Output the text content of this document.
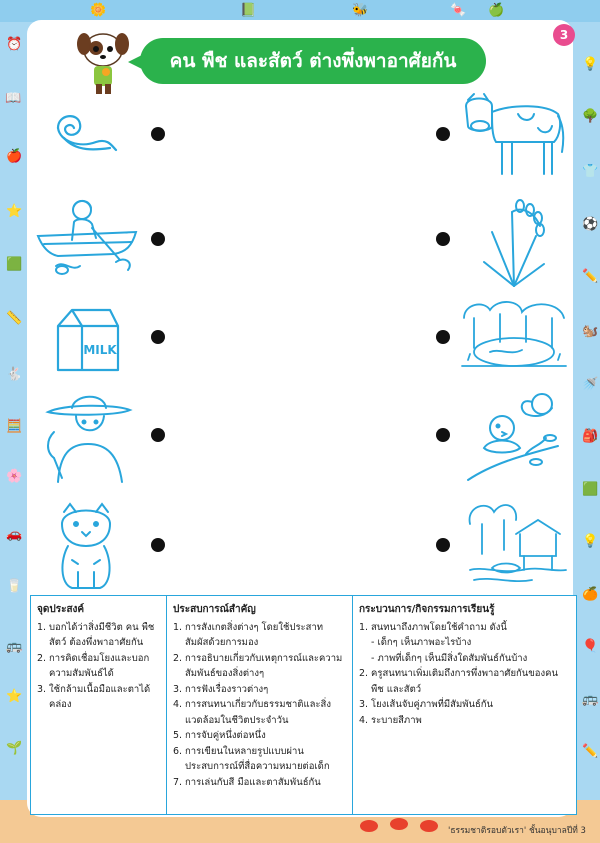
⏰
📖
🍎
⭐
🟩
📏
🐇
🧮
🌸
🚗
🥛
🚌
⭐
🌱
💡
🌳
👕
⚽
✏️
🐿️
🚿
🎒
🟩
💡
🍊
🎈
🚌
✏️
🌼	📗	🐝	🍬 🍏
3
คน พืช และสัตว์ ต่างพึ่งพาอาศัยกัน
MILK
จุดประสงค์
1. บอกได้ว่าสิ่งมีชีวิต คน พืช สัตว์ ต้องพึ่งพาอาศัยกัน
2. การคิดเชื่อมโยงและบอกความสัมพันธ์ได้
3. ใช้กล้ามเนื้อมือและตาได้คล่อง
ประสบการณ์สำคัญ
1. การสังเกตสิ่งต่างๆ โดยใช้ประสาทสัมผัสด้วยการมอง
2. การอธิบายเกี่ยวกับเหตุการณ์และความสัมพันธ์ของสิ่งต่างๆ
3. การฟังเรื่องราวต่างๆ
4. การสนทนาเกี่ยวกับธรรมชาติและสิ่งแวดล้อมในชีวิตประจำวัน
5. การจับคู่หนึ่งต่อหนึ่ง
6. การเขียนในหลายรูปแบบผ่านประสบการณ์ที่สื่อความหมายต่อเด็ก
7. การเล่นกับสี มือและตาสัมพันธ์กัน
กระบวนการ/กิจกรรมการเรียนรู้
1. สนทนาถึงภาพโดยใช้คำถาม ดังนี้
- เด็กๆ เห็นภาพอะไรบ้าง
- ภาพที่เด็กๆ เห็นมีสิ่งใดสัมพันธ์กันบ้าง
2. ครูสนทนาเพิ่มเติมถึงการพึ่งพาอาศัยกันของคน พืช และสัตว์
3. โยงเส้นจับคู่ภาพที่มีสัมพันธ์กัน
4. ระบายสีภาพ
'ธรรมชาติรอบตัวเรา' ชั้นอนุบาลปีที่ 3
